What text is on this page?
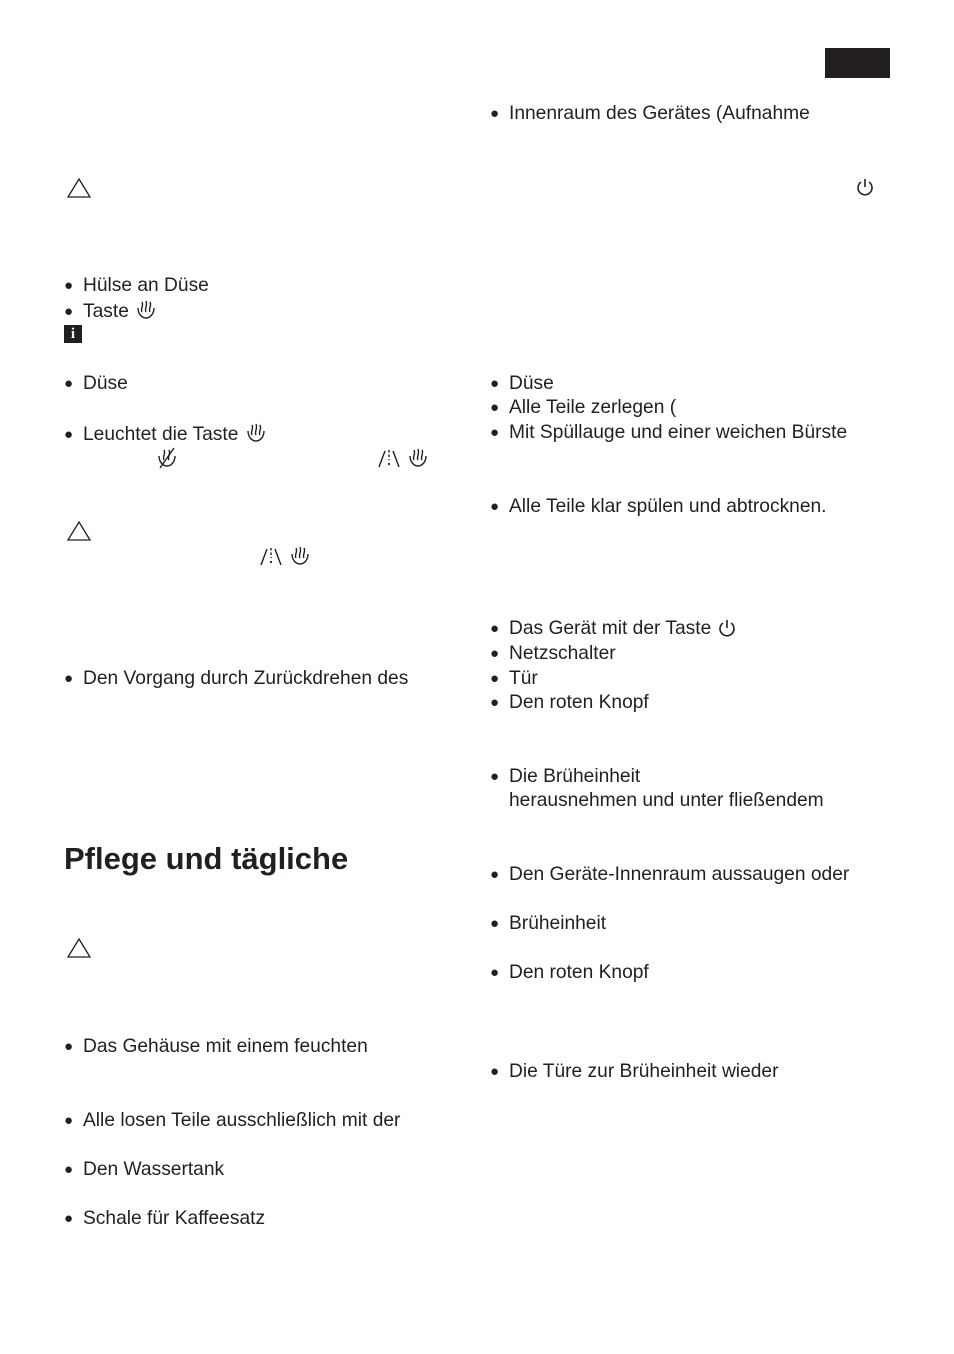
● Innenraum des Gerätes (Aufnahme
● Hülse an Düse
● Taste
i
● Düse
● Leuchtet die Taste
● Den Vorgang durch Zurückdrehen des
Pflege und tägliche
● Das Gehäuse mit einem feuchten
● Alle losen Teile ausschließlich mit der
● Den Wassertank
● Schale für Kaffeesatz
● Düse
● Alle Teile zerlegen (
● Mit Spüllauge und einer weichen Bürste
● Alle Teile klar spülen und abtrocknen.
● Das Gerät mit der Taste
● Netzschalter
● Tür
● Den roten Knopf
● Die Brüheinheit
herausnehmen und unter fließendem
● Den Geräte-Innenraum aussaugen oder
● Brüheinheit
● Den roten Knopf
● Die Türe zur Brüheinheit wieder
